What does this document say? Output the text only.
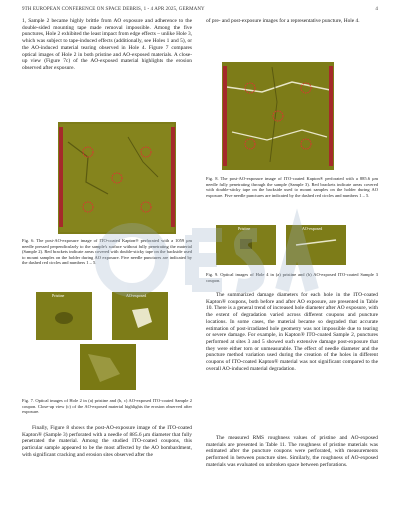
9TH EUROPEAN CONFERENCE ON SPACE DEBRIS, 1 - 4 APR 2025, GERMANY	4
1, Sample 2 became highly brittle from AO exposure and adherence to the double-sided mounting tape made removal impossible. Among the five punctures, Hole 2 exhibited the least impact from edge effects – unlike Hole 3, which was subject to tape-induced effects (additionally, see Holes 1 and 5), or the AO-induced material tearing observed in Hole 4. Figure 7 compares optical images of Hole 2 in both pristine and AO-exposed materials. A close-up view (Figure 7c) of the AO-exposed material highlights the erosion observed after exposure.
Fig. 6. The post-AO-exposure image of ITO-coated Kapton® perforated with a 1059 μm needle pressed perpendicularly to the sample's surface without fully penetrating the material (Sample 2). Red brackets indicate areas covered with double-sticky tape on the backside used to mount samples on the holder during AO exposure. Five needle punctures are indicated by the dashed red circles and numbers 1 – 5.
Pristine	AO-exposed
Fig. 7. Optical images of Hole 2 in (a) pristine and (b, c) AO-exposed ITO-coated Sample 2 coupon. Close-up view (c) of the AO-exposed material highlights the erosion observed after exposure.
Finally, Figure 8 shows the post-AO-exposure image of the ITO-coated Kapton® (Sample 3) perforated with a needle of 885.6 μm diameter that fully penetrated the material. Among the studied ITO-coated coupons, this particular sample appeared to be the most affected by the AO bombardment, with significant cracking and erosion sites observed after the
of pre- and post-exposure images for a representative puncture, Hole 4.
Fig. 8. The post-AO-exposure image of ITO-coated Kapton® perforated with a 885.6 μm needle fully penetrating through the sample (Sample 3). Red brackets indicate areas covered with double-sticky tape on the backside used to mount samples on the holder during AO exposure. Five needle punctures are indicated by the dashed red circles and numbers 1 – 5.
Pristine	AO-exposed
Fig. 9. Optical images of Hole 4 in (a) pristine and (b) AO-exposed ITO-coated Sample 3 coupon.
The summarized damage diameters for each hole in the ITO-coated Kapton® coupons, both before and after AO exposure, are presented in Table 10. There is a general trend of increased hole diameter after AO exposure, with the extent of degradation varied across different coupons and puncture locations. In some cases, the material became so degraded that accurate estimation of post-irradiated hole geometry was not impossible due to tearing or severe damage. For example, in Kapton® ITO-coated Sample 2, punctures performed at sites 3 and 5 showed such extensive damage post-exposure that they were either torn or unmeasurable. The effect of needle diameter and the puncture method variation used during the creation of the holes in different coupons of ITO-coated Kapton® material was not significant compared to the overall AO-induced material degradation.
The measured RMS roughness values of pristine and AO-exposed materials are presented in Table 11. The roughness of pristine materials was estimated after the puncture coupons were perforated, with measurements performed in between puncture sites. Similarly, the roughness of AO-exposed materials was evaluated on unbroken space between perforations.
